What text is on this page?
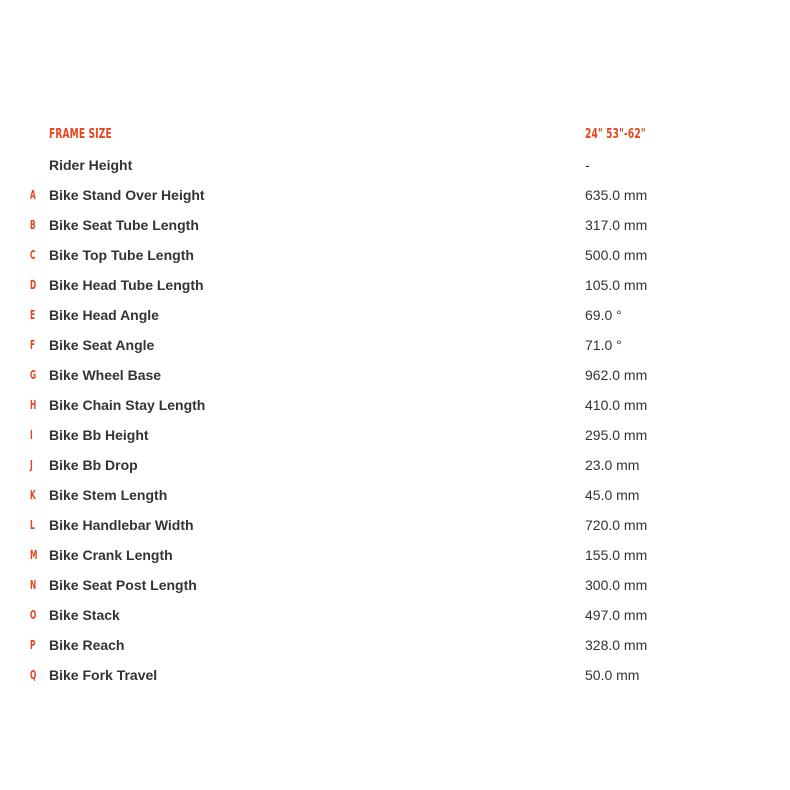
FRAME SIZE	24" 53"-62"
Rider Height	-
A Bike Stand Over Height	635.0 mm
B Bike Seat Tube Length	317.0 mm
C Bike Top Tube Length	500.0 mm
D Bike Head Tube Length	105.0 mm
E Bike Head Angle	69.0 °
F Bike Seat Angle	71.0 °
G Bike Wheel Base	962.0 mm
H Bike Chain Stay Length	410.0 mm
I	Bike Bb Height	295.0 mm
J	Bike Bb Drop	23.0 mm
K Bike Stem Length	45.0 mm
L Bike Handlebar Width	720.0 mm
M Bike Crank Length	155.0 mm
N Bike Seat Post Length	300.0 mm
O Bike Stack	497.0 mm
P Bike Reach	328.0 mm
Q Bike Fork Travel	50.0 mm
